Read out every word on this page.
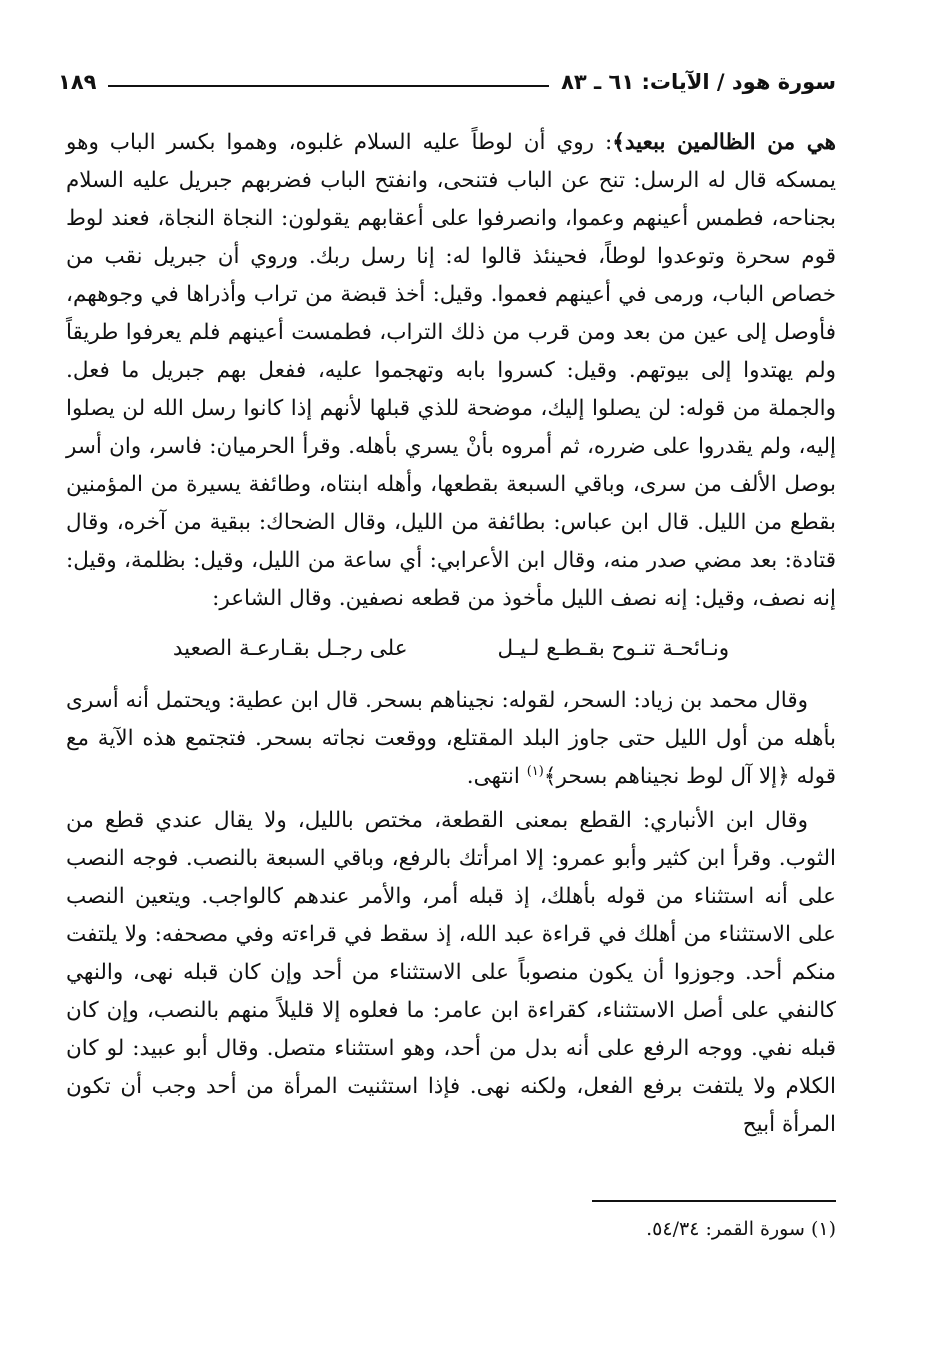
سورة هود / الآيات: ٦١ ـ ٨٣
١٨٩

هي من الظالمين ببعيد﴾: روي أن لوطاً عليه السلام غلبوه، وهموا بكسر الباب وهو يمسكه قال له الرسل: تنح عن الباب فتنحى، وانفتح الباب فضربهم جبريل عليه السلام بجناحه، فطمس أعينهم وعموا، وانصرفوا على أعقابهم يقولون: النجاة النجاة، فعند لوط قوم سحرة وتوعدوا لوطاً، فحينئذ قالوا له: إنا رسل ربك. وروي أن جبريل نقب من خصاص الباب، ورمى في أعينهم فعموا. وقيل: أخذ قبضة من تراب وأذراها في وجوههم، فأوصل إلى عين من بعد ومن قرب من ذلك التراب، فطمست أعينهم فلم يعرفوا طريقاً ولم يهتدوا إلى بيوتهم. وقيل: كسروا بابه وتهجموا عليه، ففعل بهم جبريل ما فعل. والجملة من قوله: لن يصلوا إليك، موضحة للذي قبلها لأنهم إذا كانوا رسل الله لن يصلوا إليه، ولم يقدروا على ضرره، ثم أمروه بأنْ يسري بأهله. وقرأ الحرميان: فاسر، وان أسر بوصل الألف من سرى، وباقي السبعة بقطعها، وأهله ابنتاه، وطائفة يسيرة من المؤمنين بقطع من الليل. قال ابن عباس: بطائفة من الليل، وقال الضحاك: ببقية من آخره، وقال قتادة: بعد مضي صدر منه، وقال ابن الأعرابي: أي ساعة من الليل، وقيل: بظلمة، وقيل: إنه نصف، وقيل: إنه نصف الليل مأخوذ من قطعه نصفين. وقال الشاعر:

ونـائحـة تنـوح بقـطـع لـيـل
على رجـل بقـارعـة الصعيد

وقال محمد بن زياد: السحر، لقوله: نجيناهم بسحر. قال ابن عطية: ويحتمل أنه أسرى بأهله من أول الليل حتى جاوز البلد المقتلع، ووقعت نجاته بسحر. فتجتمع هذه الآية مع قوله ﴿إلا آل لوط نجيناهم بسحر﴾$^{(١)}$ انتهى.

وقال ابن الأنباري: القطع بمعنى القطعة، مختص بالليل، ولا يقال عندي قطع من الثوب. وقرأ ابن كثير وأبو عمرو: إلا امرأتك بالرفع، وباقي السبعة بالنصب. فوجه النصب على أنه استثناء من قوله بأهلك، إذ قبله أمر، والأمر عندهم كالواجب. ويتعين النصب على الاستثناء من أهلك في قراءة عبد الله، إذ سقط في قراءته وفي مصحفه: ولا يلتفت منكم أحد. وجوزوا أن يكون منصوباً على الاستثناء من أحد وإن كان قبله نهى، والنهي كالنفي على أصل الاستثناء، كقراءة ابن عامر: ما فعلوه إلا قليلاً منهم بالنصب، وإن كان قبله نفي. ووجه الرفع على أنه بدل من أحد، وهو استثناء متصل. وقال أبو عبيد: لو كان الكلام ولا يلتفت برفع الفعل، ولكنه نهى. فإذا استثنيت المرأة من أحد وجب أن تكون المرأة أبيح

(١) سورة القمر: ٥٤/٣٤.
